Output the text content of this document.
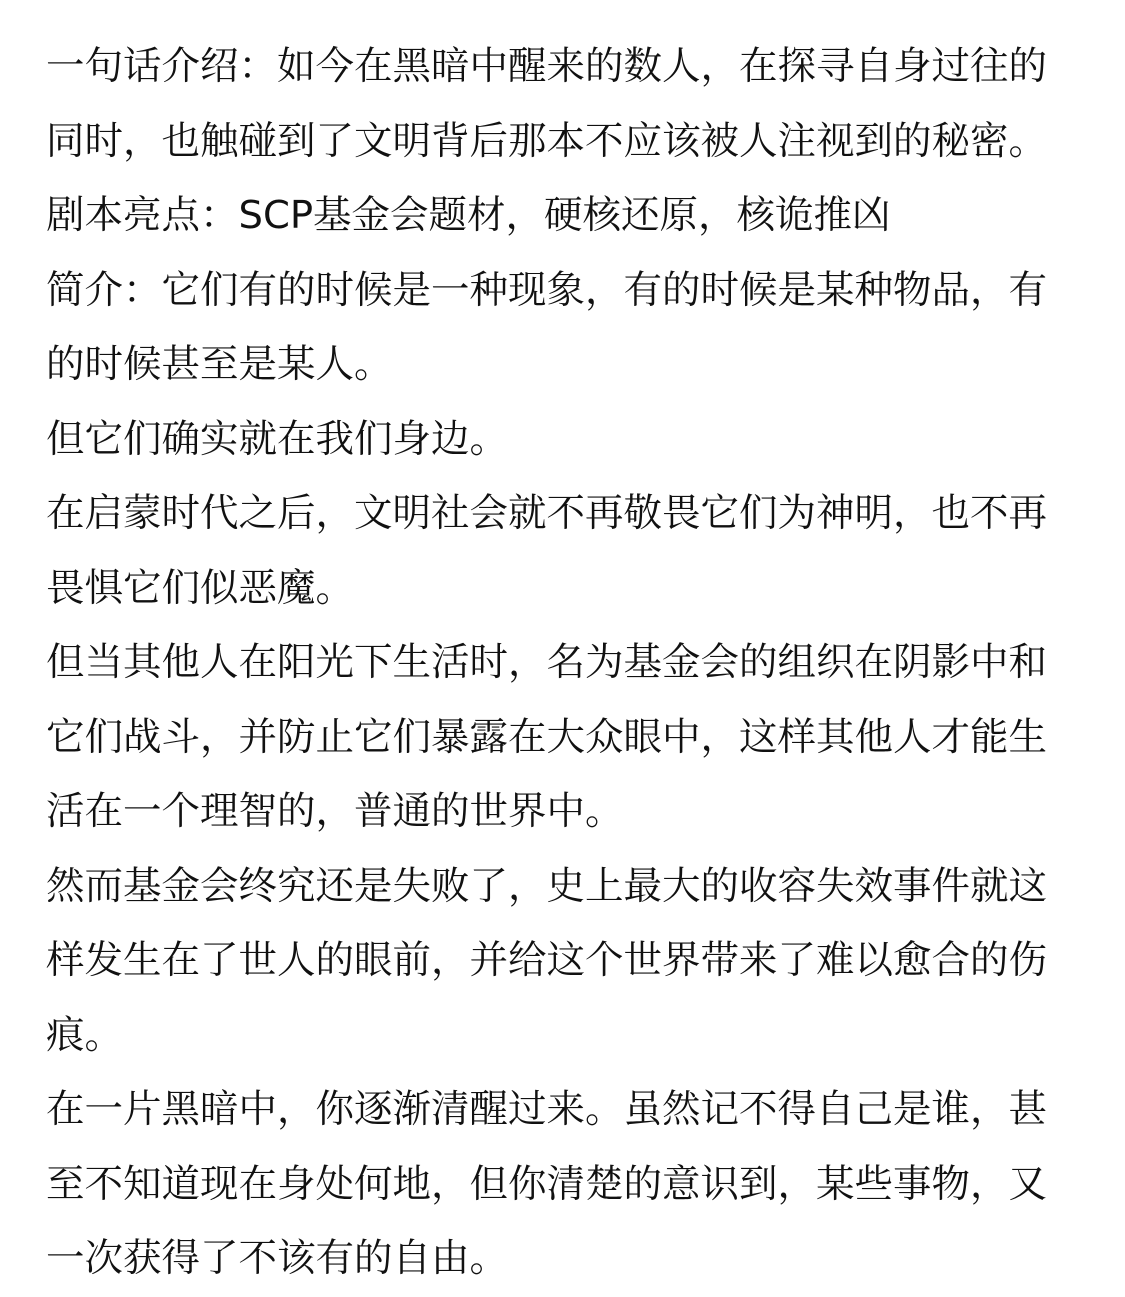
一句话介绍：如今在黑暗中醒来的数人，在探寻自身过往的同时，也触碰到了文明背后那本不应该被人注视到的秘密。

剧本亮点：SCP基金会题材，硬核还原，核诡推凶

简介：它们有的时候是一种现象，有的时候是某种物品，有的时候甚至是某人。

但它们确实就在我们身边。

在启蒙时代之后，文明社会就不再敬畏它们为神明，也不再畏惧它们似恶魔。

但当其他人在阳光下生活时，名为基金会的组织在阴影中和它们战斗，并防止它们暴露在大众眼中，这样其他人才能生活在一个理智的，普通的世界中。

然而基金会终究还是失败了，史上最大的收容失效事件就这样发生在了世人的眼前，并给这个世界带来了难以愈合的伤痕。

在一片黑暗中，你逐渐清醒过来。虽然记不得自己是谁，甚至不知道现在身处何地，但你清楚的意识到，某些事物，又一次获得了不该有的自由。
